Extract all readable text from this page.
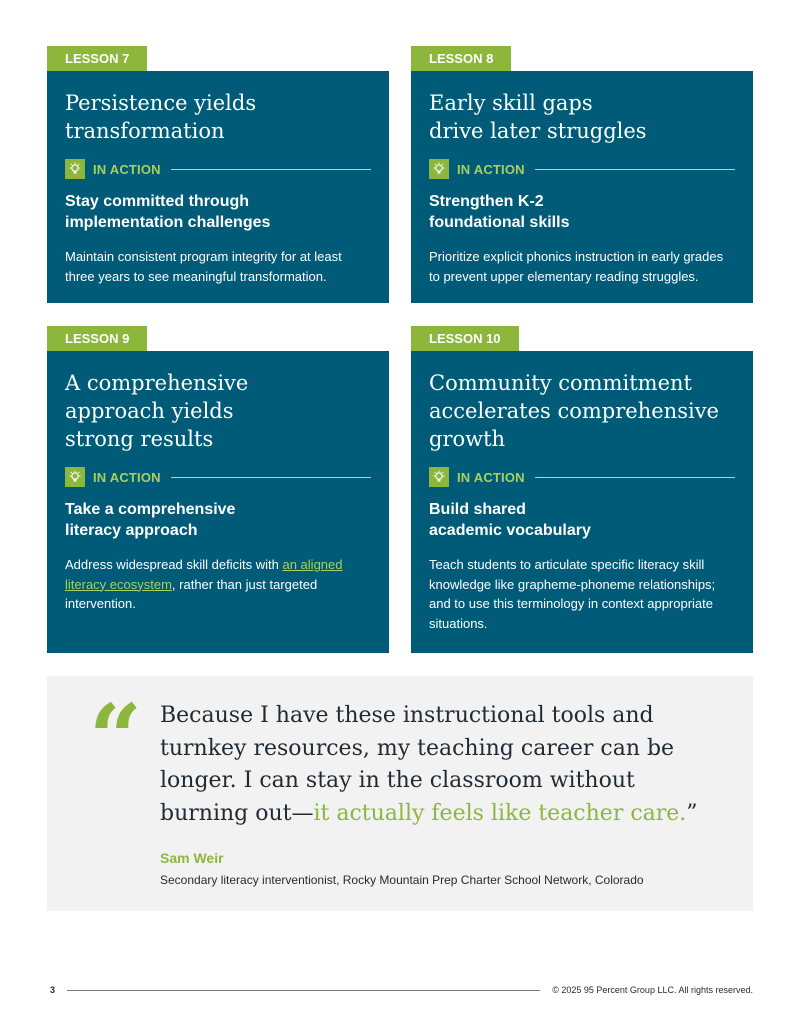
LESSON 7
Persistence yields
transformation
IN ACTION
Stay committed through
implementation challenges

Maintain consistent program integrity for at least three years to see meaningful transformation.

LESSON 8
Early skill gaps
drive later struggles
IN ACTION
Strengthen K-2
foundational skills

Prioritize explicit phonics instruction in early grades to prevent upper elementary reading struggles.

LESSON 9
A comprehensive
approach yields
strong results
IN ACTION
Take a comprehensive
literacy approach

Address widespread skill deficits with an aligned literacy ecosystem, rather than just targeted intervention.

LESSON 10
Community commitment
accelerates comprehensive
growth
IN ACTION
Build shared
academic vocabulary

Teach students to articulate specific literacy skill knowledge like grapheme-phoneme relationships; and to use this terminology in context appropriate situations.

“ Because I have these instructional tools and turnkey resources, my teaching career can be longer. I can stay in the classroom without burning out—it actually feels like teacher care.”
Sam Weir
Secondary literacy interventionist, Rocky Mountain Prep Charter School Network, Colorado
3	© 2025 95 Percent Group LLC. All rights reserved.
